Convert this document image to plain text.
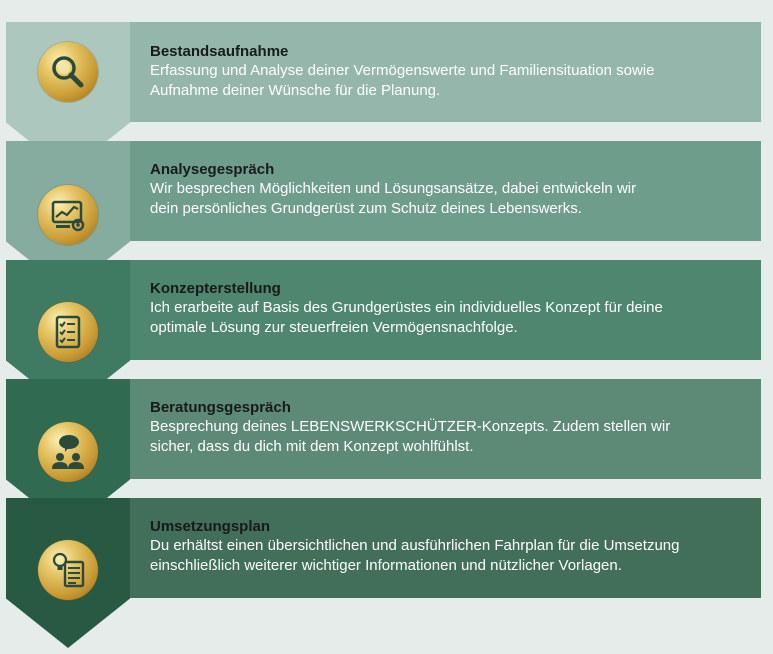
Bestandsaufnahme
Erfassung und Analyse deiner Vermögenswerte und Familiensituation sowie
Aufnahme deiner Wünsche für die Planung.
Analysegespräch
Wir besprechen Möglichkeiten und Lösungsansätze, dabei entwickeln wir
dein persönliches Grundgerüst zum Schutz deines Lebenswerks.
Konzepterstellung
Ich erarbeite auf Basis des Grundgerüstes ein individuelles Konzept für deine
optimale Lösung zur steuerfreien Vermögensnachfolge.
Beratungsgespräch
Besprechung deines LEBENSWERKSCHÜTZER-Konzepts. Zudem stellen wir
sicher, dass du dich mit dem Konzept wohlfühlst.
Umsetzungsplan
Du erhältst einen übersichtlichen und ausführlichen Fahrplan für die Umsetzung
einschließlich weiterer wichtiger Informationen und nützlicher Vorlagen.
